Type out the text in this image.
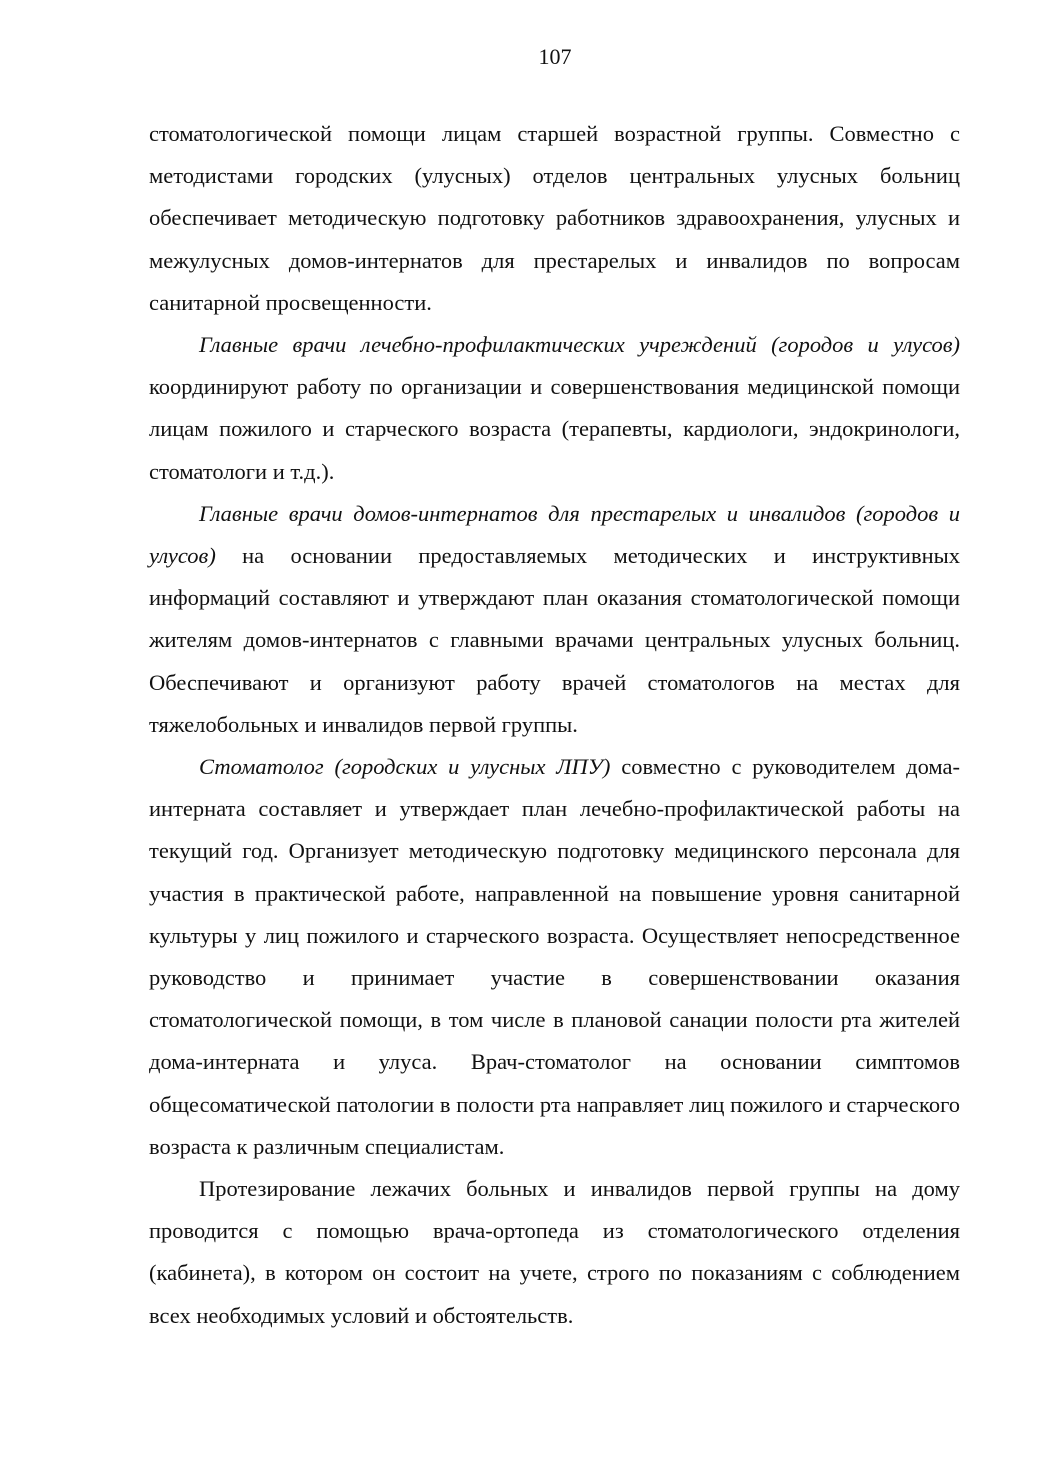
107

стоматологической помощи лицам старшей возрастной группы. Совместно с методистами городских (улусных) отделов центральных улусных больниц обеспечивает методическую подготовку работников здравоохранения, улусных и межулусных домов-интернатов для престарелых и инвалидов по вопросам санитарной просвещенности.

Главные врачи лечебно-профилактических учреждений (городов и улусов) координируют работу по организации и совершенствования медицинской помощи лицам пожилого и старческого возраста (терапевты, кардиологи, эндокринологи, стоматологи и т.д.).

Главные врачи домов-интернатов для престарелых и инвалидов (городов и улусов) на основании предоставляемых методических и инструктивных информаций составляют и утверждают план оказания стоматологической помощи жителям домов-интернатов с главными врачами центральных улусных больниц. Обеспечивают и организуют работу врачей стоматологов на местах для тяжелобольных и инвалидов первой группы.

Стоматолог (городских и улусных ЛПУ) совместно с руководителем дома-интерната составляет и утверждает план лечебно-профилактической работы на текущий год. Организует методическую подготовку медицинского персонала для участия в практической работе, направленной на повышение уровня санитарной культуры у лиц пожилого и старческого возраста. Осуществляет непосредственное руководство и принимает участие в совершенствовании оказания стоматологической помощи, в том числе в плановой санации полости рта жителей дома-интерната и улуса. Врач-стоматолог на основании симптомов общесоматической патологии в полости рта направляет лиц пожилого и старческого возраста к различным специалистам.

Протезирование лежачих больных и инвалидов первой группы на дому проводится с помощью врача-ортопеда из стоматологического отделения (кабинета), в котором он состоит на учете, строго по показаниям с соблюдением всех необходимых условий и обстоятельств.
